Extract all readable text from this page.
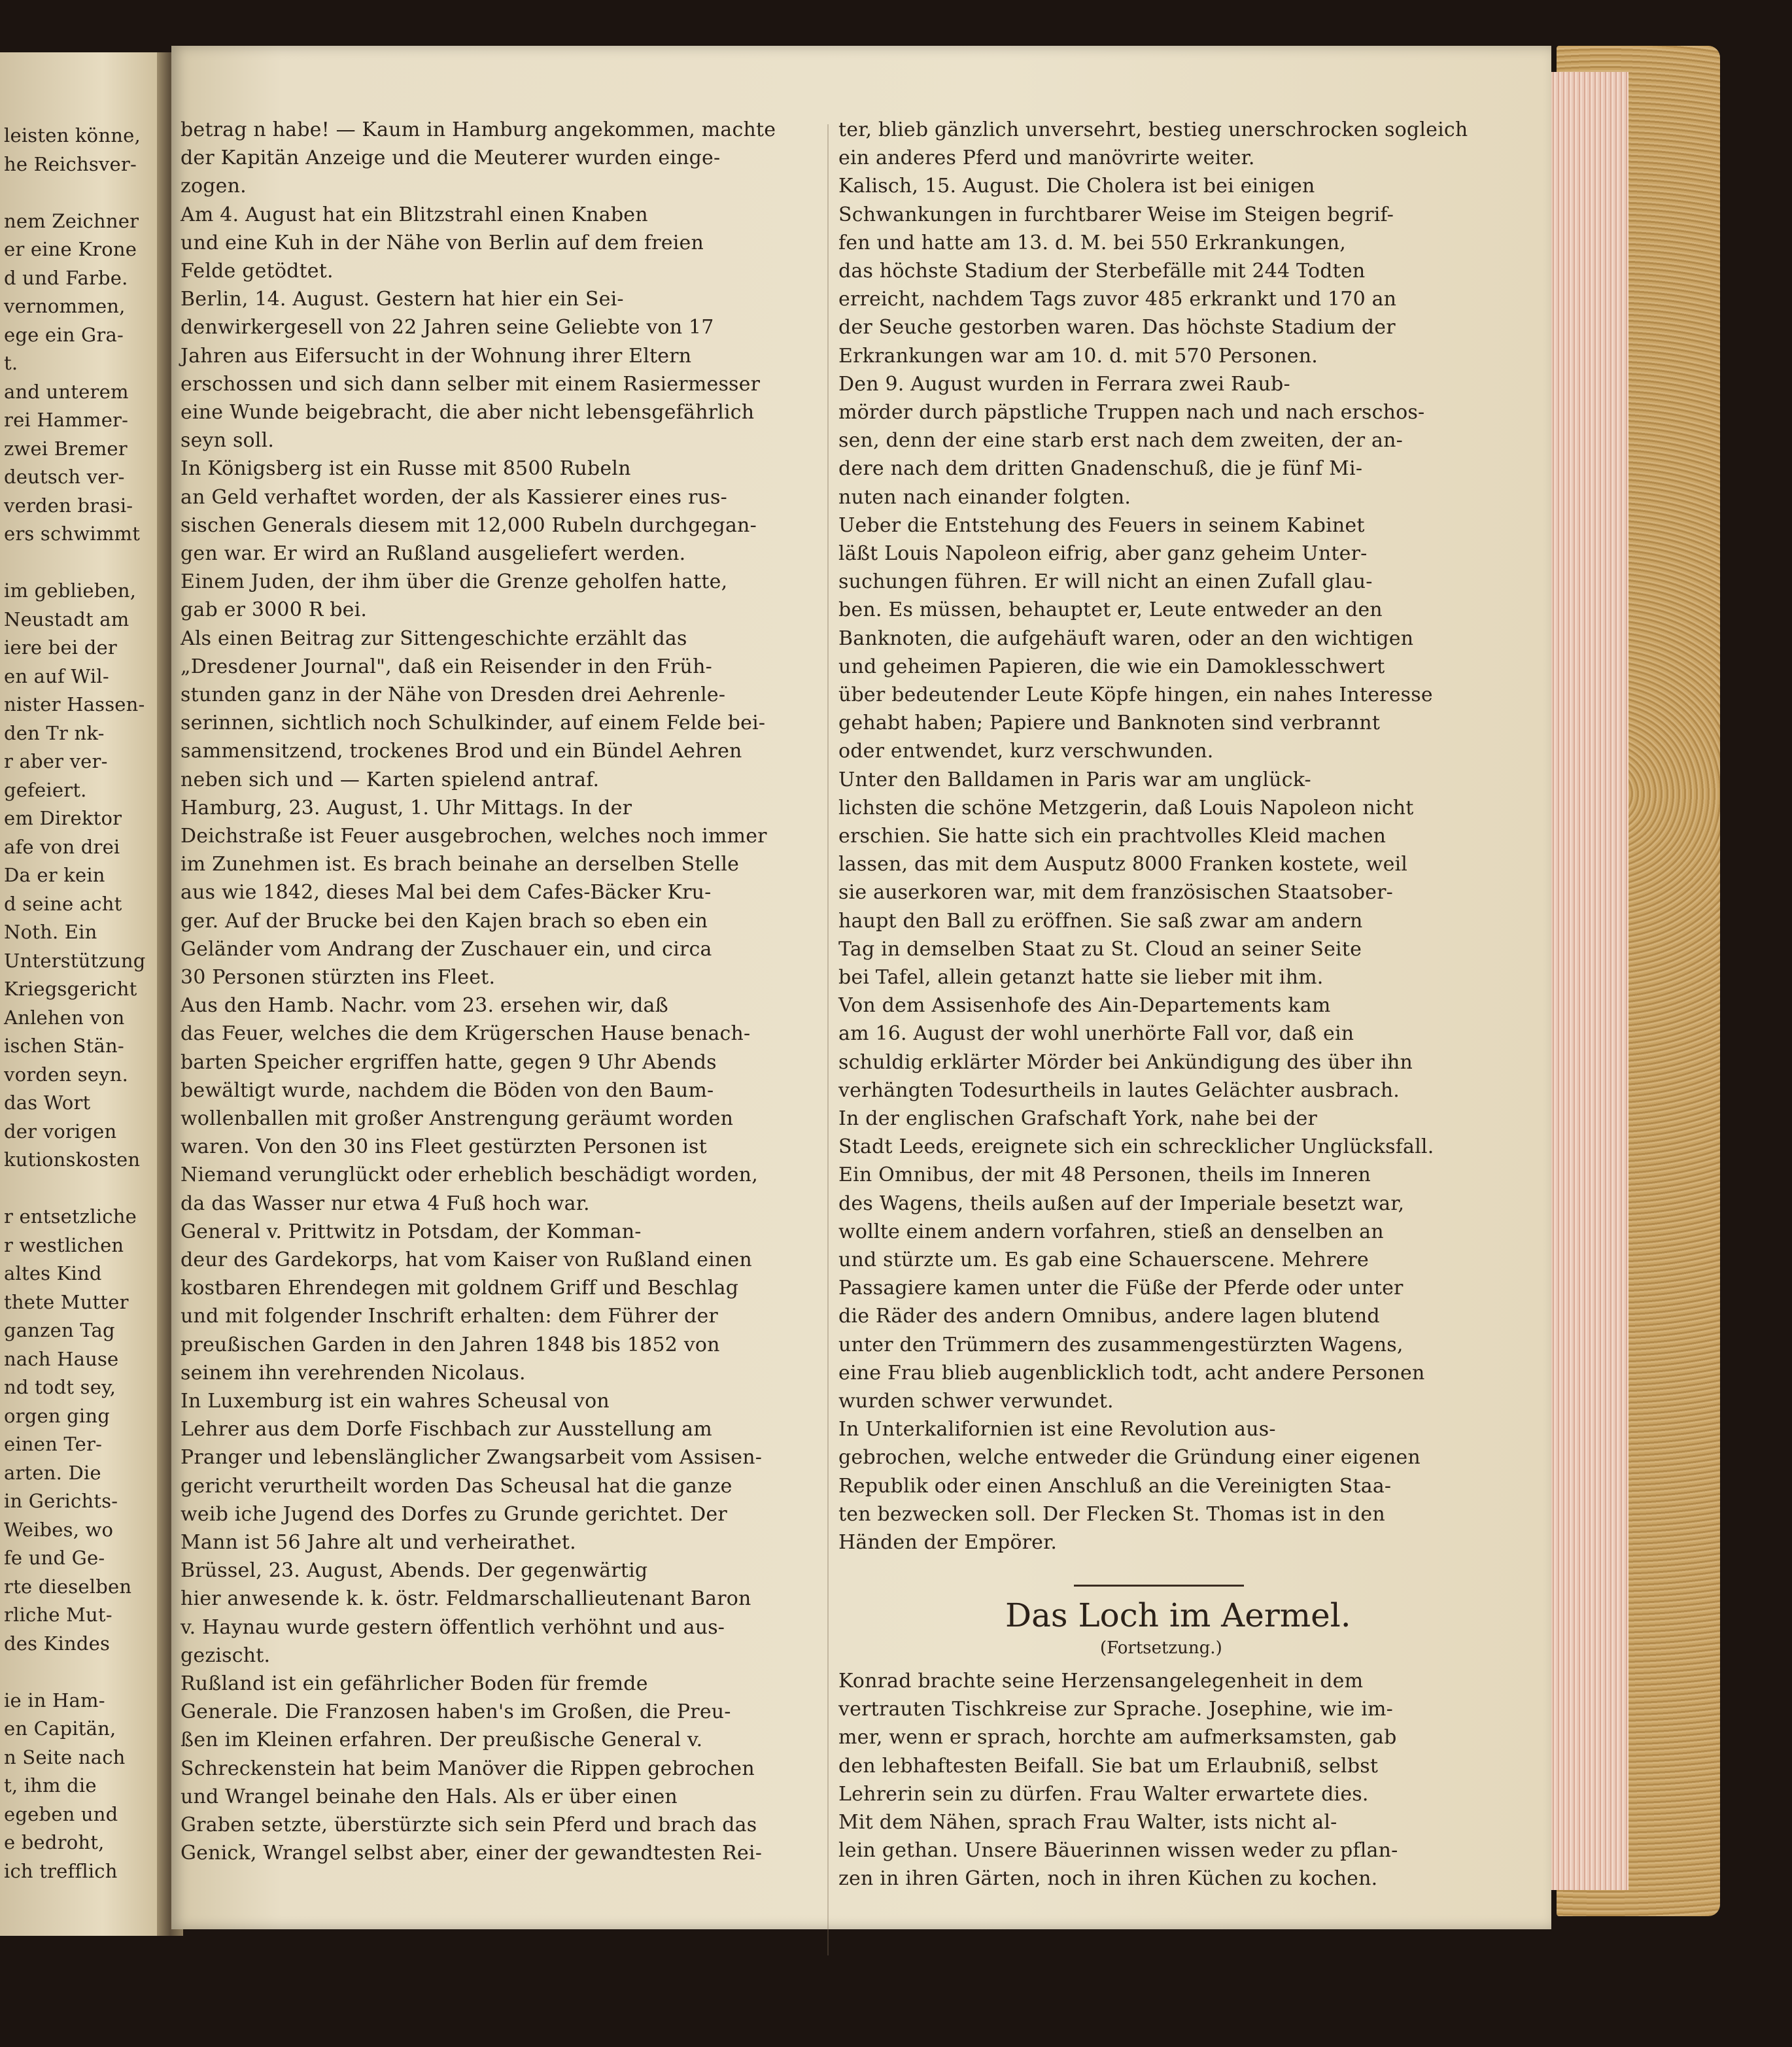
leisten könne,
he Reichsver-
nem Zeichner
er eine Krone
d und Farbe.
vernommen,
ege ein Gra-
t.
and unterem
rei Hammer-
zwei Bremer
deutsch ver-
verden brasi-
ers schwimmt
im geblieben,
Neustadt am
iere bei der
en auf Wil-
nister Hassen-
den Tr nk-
r aber ver-
gefeiert.
em Direktor
afe von drei
Da er kein
d seine acht
Noth. Ein
Unterstützung
Kriegsgericht
Anlehen von
ischen Stän-
vorden seyn.
das Wort
der vorigen
kutionskosten
r entsetzliche
r westlichen
altes Kind
thete Mutter
ganzen Tag
nach Hause
nd todt sey,
orgen ging
einen Ter-
arten. Die
in Gerichts-
Weibes, wo
fe und Ge-
rte dieselben
rliche Mut-
des Kindes
ie in Ham-
en Capitän,
n Seite nach
t, ihm die
egeben und
e bedroht,
ich trefflich
betrag n habe! — Kaum in Hamburg angekommen, machte
der Kapitän Anzeige und die Meuterer wurden einge-
zogen.
Am 4. August hat ein Blitzstrahl einen Knaben
und eine Kuh in der Nähe von Berlin auf dem freien
Felde getödtet.
Berlin, 14. August. Gestern hat hier ein Sei-
denwirkergesell von 22 Jahren seine Geliebte von 17
Jahren aus Eifersucht in der Wohnung ihrer Eltern
erschossen und sich dann selber mit einem Rasiermesser
eine Wunde beigebracht, die aber nicht lebensgefährlich
seyn soll.
In Königsberg ist ein Russe mit 8500 Rubeln
an Geld verhaftet worden, der als Kassierer eines rus-
sischen Generals diesem mit 12,000 Rubeln durchgegan-
gen war. Er wird an Rußland ausgeliefert werden.
Einem Juden, der ihm über die Grenze geholfen hatte,
gab er 3000 R bei.
Als einen Beitrag zur Sittengeschichte erzählt das
„Dresdener Journal", daß ein Reisender in den Früh-
stunden ganz in der Nähe von Dresden drei Aehrenle-
serinnen, sichtlich noch Schulkinder, auf einem Felde bei-
sammensitzend, trockenes Brod und ein Bündel Aehren
neben sich und — Karten spielend antraf.
Hamburg, 23. August, 1. Uhr Mittags. In der
Deichstraße ist Feuer ausgebrochen, welches noch immer
im Zunehmen ist. Es brach beinahe an derselben Stelle
aus wie 1842, dieses Mal bei dem Cafes-Bäcker Kru-
ger. Auf der Brucke bei den Kajen brach so eben ein
Geländer vom Andrang der Zuschauer ein, und circa
30 Personen stürzten ins Fleet.
Aus den Hamb. Nachr. vom 23. ersehen wir, daß
das Feuer, welches die dem Krügerschen Hause benach-
barten Speicher ergriffen hatte, gegen 9 Uhr Abends
bewältigt wurde, nachdem die Böden von den Baum-
wollenballen mit großer Anstrengung geräumt worden
waren. Von den 30 ins Fleet gestürzten Personen ist
Niemand verunglückt oder erheblich beschädigt worden,
da das Wasser nur etwa 4 Fuß hoch war.
General v. Prittwitz in Potsdam, der Komman-
deur des Gardekorps, hat vom Kaiser von Rußland einen
kostbaren Ehrendegen mit goldnem Griff und Beschlag
und mit folgender Inschrift erhalten: dem Führer der
preußischen Garden in den Jahren 1848 bis 1852 von
seinem ihn verehrenden Nicolaus.
In Luxemburg ist ein wahres Scheusal von
Lehrer aus dem Dorfe Fischbach zur Ausstellung am
Pranger und lebenslänglicher Zwangsarbeit vom Assisen-
gericht verurtheilt worden Das Scheusal hat die ganze
weib iche Jugend des Dorfes zu Grunde gerichtet. Der
Mann ist 56 Jahre alt und verheirathet.
Brüssel, 23. August, Abends. Der gegenwärtig
hier anwesende k. k. östr. Feldmarschallieutenant Baron
v. Haynau wurde gestern öffentlich verhöhnt und aus-
gezischt.
Rußland ist ein gefährlicher Boden für fremde
Generale. Die Franzosen haben's im Großen, die Preu-
ßen im Kleinen erfahren. Der preußische General v.
Schreckenstein hat beim Manöver die Rippen gebrochen
und Wrangel beinahe den Hals. Als er über einen
Graben setzte, überstürzte sich sein Pferd und brach das
Genick, Wrangel selbst aber, einer der gewandtesten Rei-
Das Loch im Aermel.
(Fortsetzung.)
ter, blieb gänzlich unversehrt, bestieg unerschrocken sogleich
ein anderes Pferd und manövrirte weiter.
Kalisch, 15. August. Die Cholera ist bei einigen
Schwankungen in furchtbarer Weise im Steigen begrif-
fen und hatte am 13. d. M. bei 550 Erkrankungen,
das höchste Stadium der Sterbefälle mit 244 Todten
erreicht, nachdem Tags zuvor 485 erkrankt und 170 an
der Seuche gestorben waren. Das höchste Stadium der
Erkrankungen war am 10. d. mit 570 Personen.
Den 9. August wurden in Ferrara zwei Raub-
mörder durch päpstliche Truppen nach und nach erschos-
sen, denn der eine starb erst nach dem zweiten, der an-
dere nach dem dritten Gnadenschuß, die je fünf Mi-
nuten nach einander folgten.
Ueber die Entstehung des Feuers in seinem Kabinet
läßt Louis Napoleon eifrig, aber ganz geheim Unter-
suchungen führen. Er will nicht an einen Zufall glau-
ben. Es müssen, behauptet er, Leute entweder an den
Banknoten, die aufgehäuft waren, oder an den wichtigen
und geheimen Papieren, die wie ein Damoklesschwert
über bedeutender Leute Köpfe hingen, ein nahes Interesse
gehabt haben; Papiere und Banknoten sind verbrannt
oder entwendet, kurz verschwunden.
Unter den Balldamen in Paris war am unglück-
lichsten die schöne Metzgerin, daß Louis Napoleon nicht
erschien. Sie hatte sich ein prachtvolles Kleid machen
lassen, das mit dem Ausputz 8000 Franken kostete, weil
sie auserkoren war, mit dem französischen Staatsober-
haupt den Ball zu eröffnen. Sie saß zwar am andern
Tag in demselben Staat zu St. Cloud an seiner Seite
bei Tafel, allein getanzt hatte sie lieber mit ihm.
Von dem Assisenhofe des Ain-Departements kam
am 16. August der wohl unerhörte Fall vor, daß ein
schuldig erklärter Mörder bei Ankündigung des über ihn
verhängten Todesurtheils in lautes Gelächter ausbrach.
In der englischen Grafschaft York, nahe bei der
Stadt Leeds, ereignete sich ein schrecklicher Unglücksfall.
Ein Omnibus, der mit 48 Personen, theils im Inneren
des Wagens, theils außen auf der Imperiale besetzt war,
wollte einem andern vorfahren, stieß an denselben an
und stürzte um. Es gab eine Schauerscene. Mehrere
Passagiere kamen unter die Füße der Pferde oder unter
die Räder des andern Omnibus, andere lagen blutend
unter den Trümmern des zusammengestürzten Wagens,
eine Frau blieb augenblicklich todt, acht andere Personen
wurden schwer verwundet.
In Unterkalifornien ist eine Revolution aus-
gebrochen, welche entweder die Gründung einer eigenen
Republik oder einen Anschluß an die Vereinigten Staa-
ten bezwecken soll. Der Flecken St. Thomas ist in den
Händen der Empörer.
Konrad brachte seine Herzensangelegenheit in dem
vertrauten Tischkreise zur Sprache. Josephine, wie im-
mer, wenn er sprach, horchte am aufmerksamsten, gab
den lebhaftesten Beifall. Sie bat um Erlaubniß, selbst
Lehrerin sein zu dürfen. Frau Walter erwartete dies.
Mit dem Nähen, sprach Frau Walter, ists nicht al-
lein gethan. Unsere Bäuerinnen wissen weder zu pflan-
zen in ihren Gärten, noch in ihren Küchen zu kochen.
